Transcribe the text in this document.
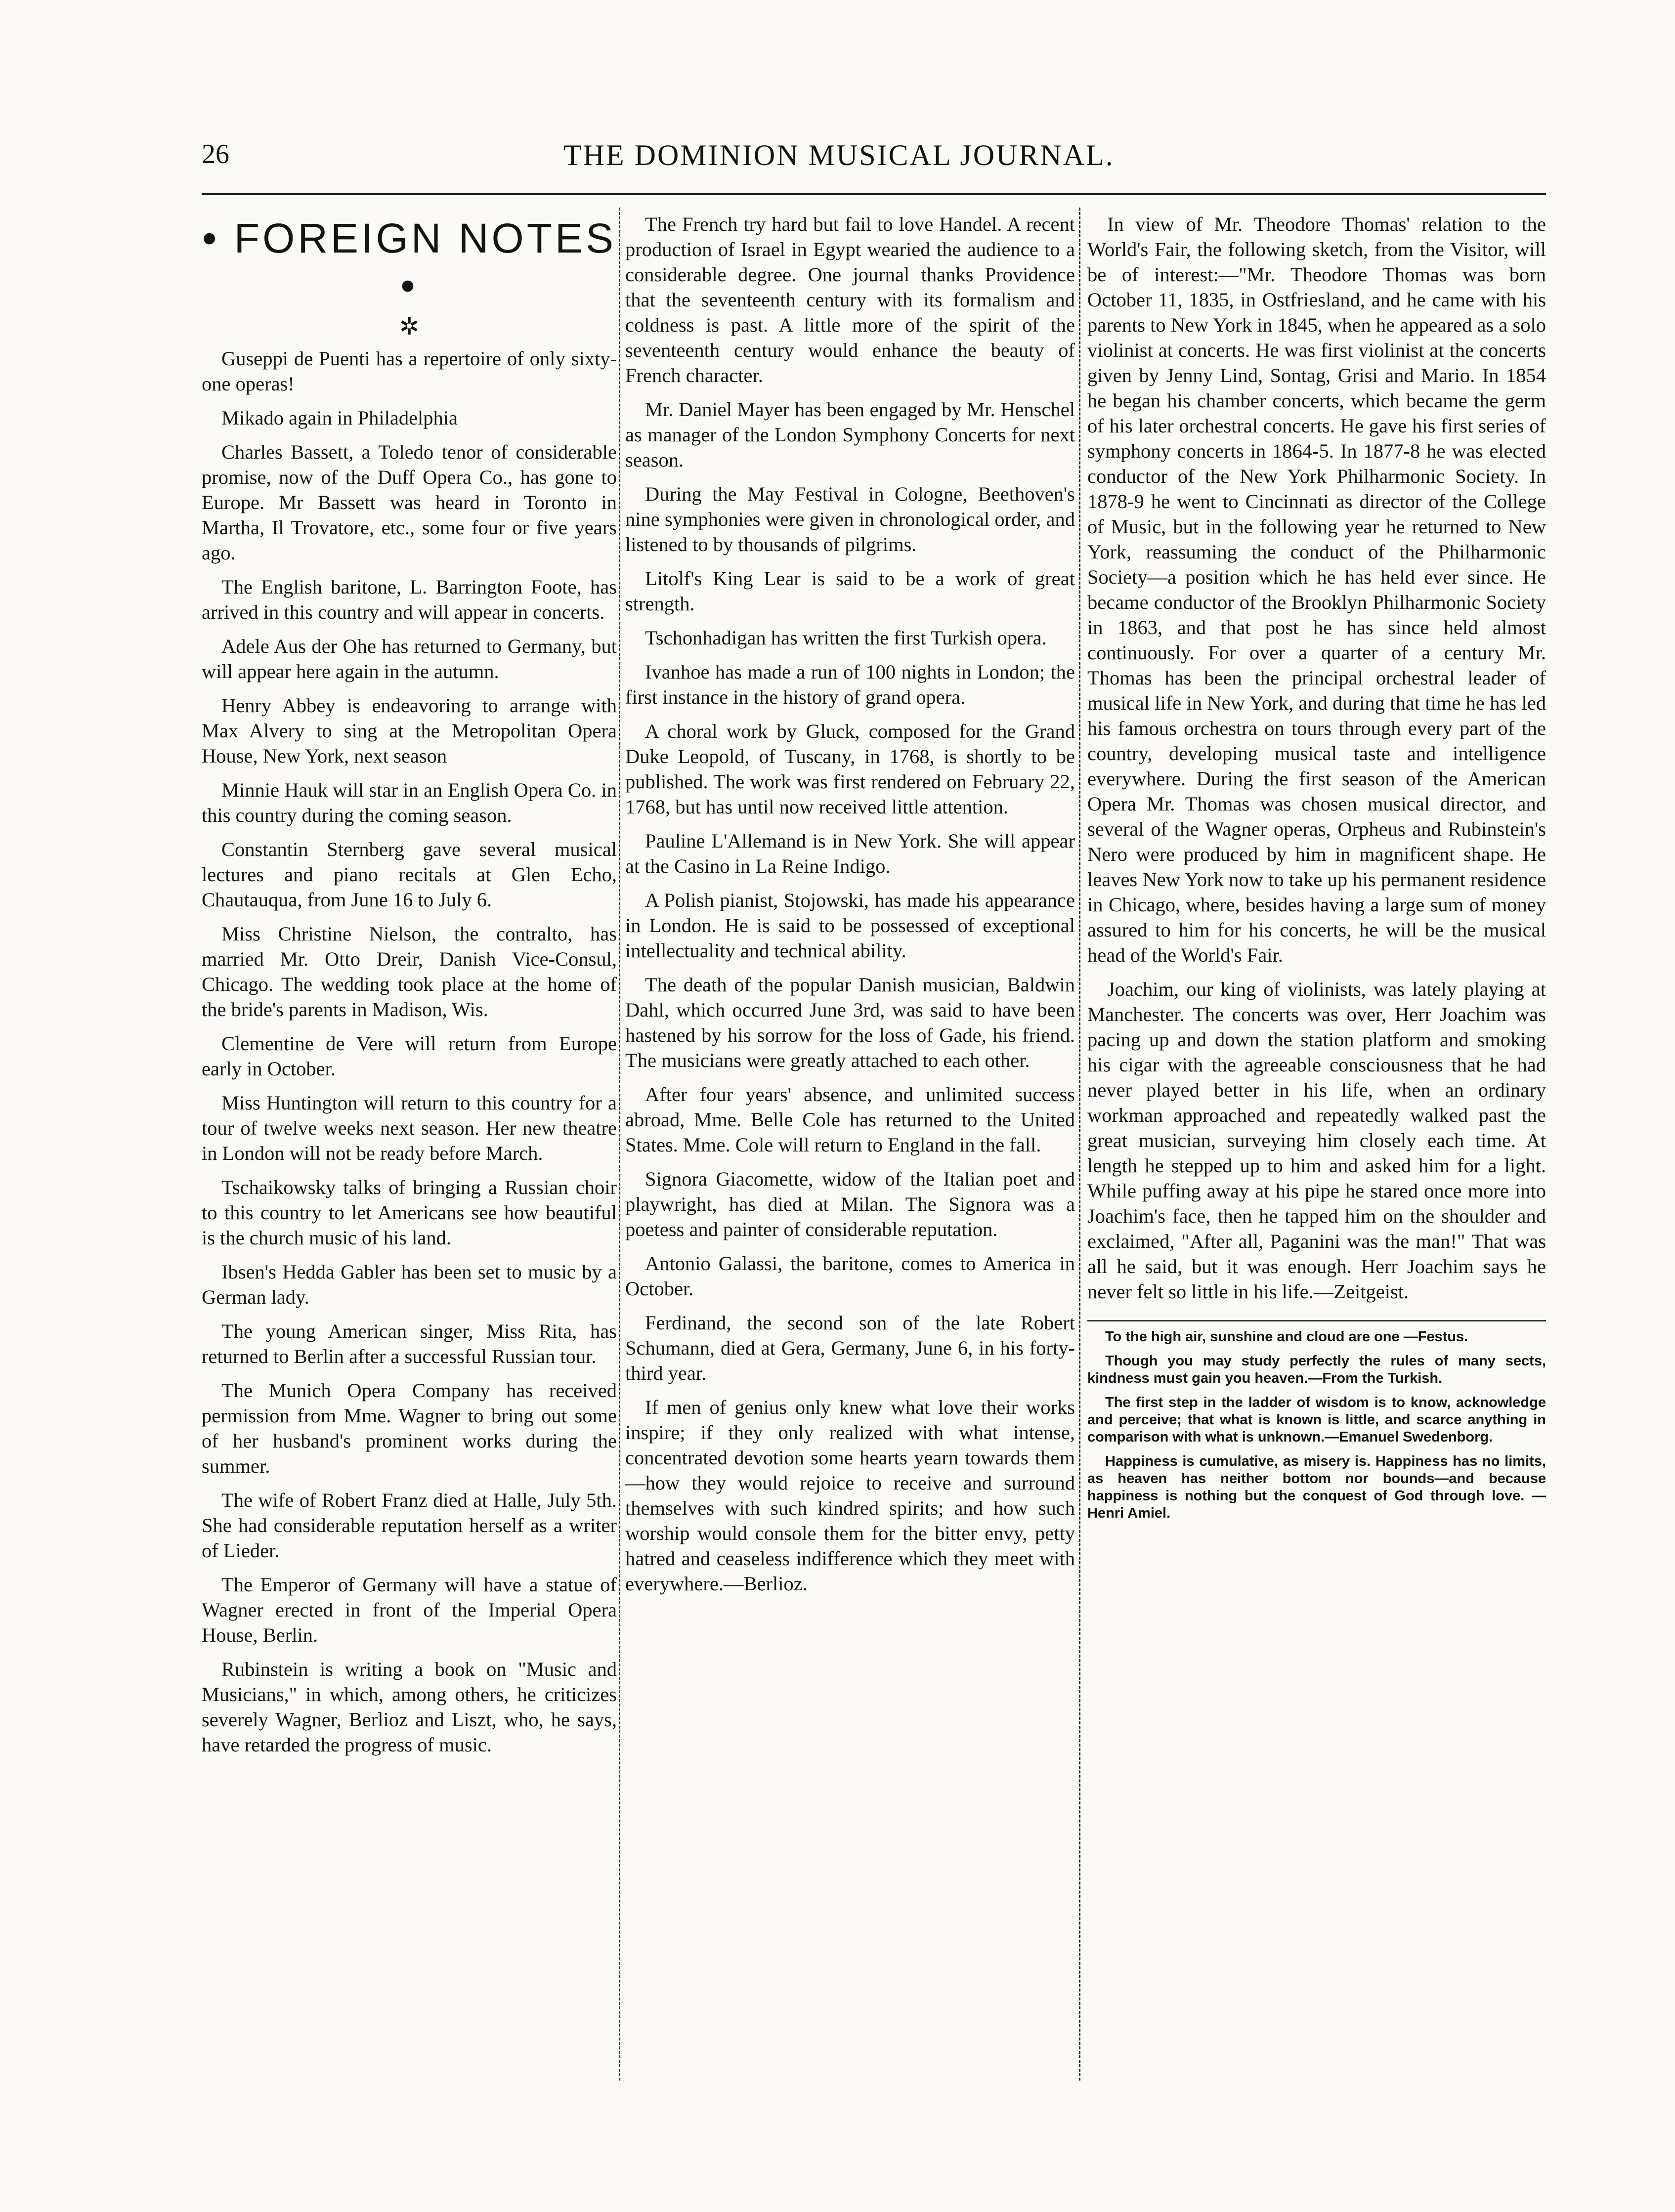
26	THE DOMINION MUSICAL JOURNAL.
• FOREIGN NOTES •
✲

Guseppi de Puenti has a repertoire of only sixty-one operas!

Mikado again in Philadelphia

Charles Bassett, a Toledo tenor of considerable promise, now of the Duff Opera Co., has gone to Europe. Mr Bassett was heard in Toronto in Martha, Il Trovatore, etc., some four or five years ago.

The English baritone, L. Barrington Foote, has arrived in this country and will appear in concerts.

Adele Aus der Ohe has returned to Germany, but will appear here again in the autumn.

Henry Abbey is endeavoring to arrange with Max Alvery to sing at the Metropolitan Opera House, New York, next season

Minnie Hauk will star in an English Opera Co. in this country during the coming season.

Constantin Sternberg gave several musical lectures and piano recitals at Glen Echo, Chautauqua, from June 16 to July 6.

Miss Christine Nielson, the contralto, has married Mr. Otto Dreir, Danish Vice-Consul, Chicago. The wedding took place at the home of the bride's parents in Madison, Wis.

Clementine de Vere will return from Europe early in October.

Miss Huntington will return to this country for a tour of twelve weeks next season. Her new theatre in London will not be ready before March.

Tschaikowsky talks of bringing a Russian choir to this country to let Americans see how beautiful is the church music of his land.

Ibsen's Hedda Gabler has been set to music by a German lady.

The young American singer, Miss Rita, has returned to Berlin after a successful Russian tour.

The Munich Opera Company has received permission from Mme. Wagner to bring out some of her husband's prominent works during the summer.

The wife of Robert Franz died at Halle, July 5th. She had considerable reputation herself as a writer of Lieder.

The Emperor of Germany will have a statue of Wagner erected in front of the Imperial Opera House, Berlin.

Rubinstein is writing a book on "Music and Musicians," in which, among others, he criticizes severely Wagner, Berlioz and Liszt, who, he says, have retarded the progress of music.

The French try hard but fail to love Handel. A recent production of Israel in Egypt wearied the audience to a considerable degree. One journal thanks Providence that the seventeenth century with its formalism and coldness is past. A little more of the spirit of the seventeenth century would enhance the beauty of French character.

Mr. Daniel Mayer has been engaged by Mr. Henschel as manager of the London Symphony Concerts for next season.

During the May Festival in Cologne, Beethoven's nine symphonies were given in chronological order, and listened to by thousands of pilgrims.

Litolf's King Lear is said to be a work of great strength.

Tschonhadigan has written the first Turkish opera.

Ivanhoe has made a run of 100 nights in London; the first instance in the history of grand opera.

A choral work by Gluck, composed for the Grand Duke Leopold, of Tuscany, in 1768, is shortly to be published. The work was first rendered on February 22, 1768, but has until now received little attention.

Pauline L'Allemand is in New York. She will appear at the Casino in La Reine Indigo.

A Polish pianist, Stojowski, has made his appearance in London. He is said to be possessed of exceptional intellectuality and technical ability.

The death of the popular Danish musician, Baldwin Dahl, which occurred June 3rd, was said to have been hastened by his sorrow for the loss of Gade, his friend. The musicians were greatly attached to each other.

After four years' absence, and unlimited success abroad, Mme. Belle Cole has returned to the United States. Mme. Cole will return to England in the fall.

Signora Giacomette, widow of the Italian poet and playwright, has died at Milan. The Signora was a poetess and painter of considerable reputation.

Antonio Galassi, the baritone, comes to America in October.

Ferdinand, the second son of the late Robert Schumann, died at Gera, Germany, June 6, in his forty-third year.

If men of genius only knew what love their works inspire; if they only realized with what intense, concentrated devotion some hearts yearn towards them—how they would rejoice to receive and surround themselves with such kindred spirits; and how such worship would console them for the bitter envy, petty hatred and ceaseless indifference which they meet with everywhere.—Berlioz.

In view of Mr. Theodore Thomas' relation to the World's Fair, the following sketch, from the Visitor, will be of interest:—"Mr. Theodore Thomas was born October 11, 1835, in Ostfriesland, and he came with his parents to New York in 1845, when he appeared as a solo violinist at concerts. He was first violinist at the concerts given by Jenny Lind, Sontag, Grisi and Mario. In 1854 he began his chamber concerts, which became the germ of his later orchestral concerts. He gave his first series of symphony concerts in 1864-5. In 1877-8 he was elected conductor of the New York Philharmonic Society. In 1878-9 he went to Cincinnati as director of the College of Music, but in the following year he returned to New York, reassuming the conduct of the Philharmonic Society—a position which he has held ever since. He became conductor of the Brooklyn Philharmonic Society in 1863, and that post he has since held almost continuously. For over a quarter of a century Mr. Thomas has been the principal orchestral leader of musical life in New York, and during that time he has led his famous orchestra on tours through every part of the country, developing musical taste and intelligence everywhere. During the first season of the American Opera Mr. Thomas was chosen musical director, and several of the Wagner operas, Orpheus and Rubinstein's Nero were produced by him in magnificent shape. He leaves New York now to take up his permanent residence in Chicago, where, besides having a large sum of money assured to him for his concerts, he will be the musical head of the World's Fair.

Joachim, our king of violinists, was lately playing at Manchester. The concerts was over, Herr Joachim was pacing up and down the station platform and smoking his cigar with the agreeable consciousness that he had never played better in his life, when an ordinary workman approached and repeatedly walked past the great musician, surveying him closely each time. At length he stepped up to him and asked him for a light. While puffing away at his pipe he stared once more into Joachim's face, then he tapped him on the shoulder and exclaimed, "After all, Paganini was the man!" That was all he said, but it was enough. Herr Joachim says he never felt so little in his life.—Zeitgeist.

To the high air, sunshine and cloud are one —Festus.

Though you may study perfectly the rules of many sects, kindness must gain you heaven.—From the Turkish.

The first step in the ladder of wisdom is to know, acknowledge and perceive; that what is known is little, and scarce anything in comparison with what is unknown.—Emanuel Swedenborg.

Happiness is cumulative, as misery is. Happiness has no limits, as heaven has neither bottom nor bounds—and because happiness is nothing but the conquest of God through love. —Henri Amiel.
